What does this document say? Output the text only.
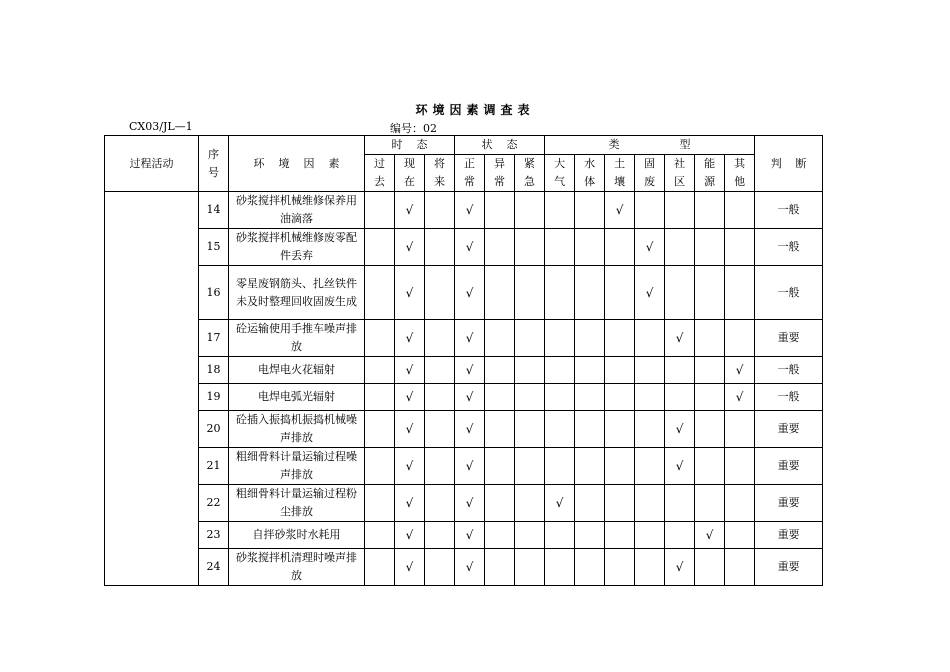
环境因素调查表
CX03/JL—1	编号：02
过程活动	序号	环境因素	时态			状态			类型							判断
			过去	现在	将来	正常	异常	紧急	大气	水体	土壤	固废	社区	能源	其他	
	14	砂浆搅拌机械维修保养用油滴落		√		√					√					一般
	15	砂浆搅拌机械维修废零配件丢弃		√		√						√				一般
	16	零星废钢筋头、扎丝铁件未及时整理回收固废生成		√		√						√				一般
	17	砼运输使用手推车噪声排放		√		√							√			重要
	18	电焊电火花辐射		√		√									√	一般
	19	电焊电弧光辐射		√		√									√	一般
	20	砼插入振捣机振捣机械噪声排放		√		√							√			重要
	21	粗细骨料计量运输过程噪声排放		√		√							√			重要
	22	粗细骨料计量运输过程粉尘排放		√		√			√							重要
	23	自拌砂浆时水耗用		√		√								√		重要
	24	砂浆搅拌机清理时噪声排放		√		√							√			重要
